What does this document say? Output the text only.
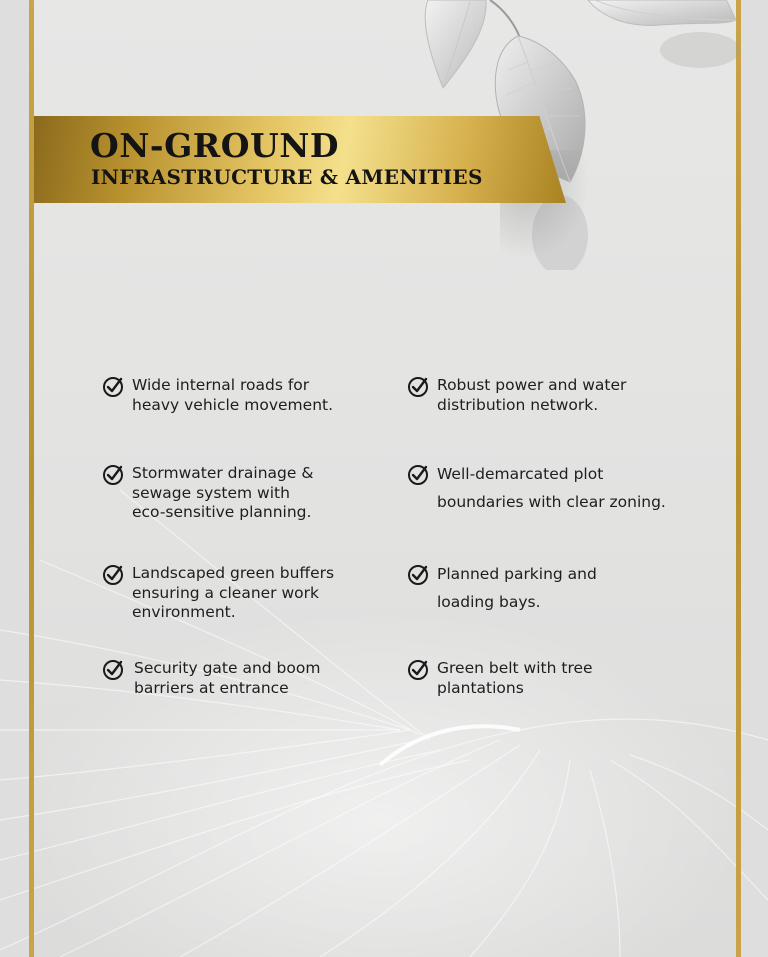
ON-GROUND
INFRASTRUCTURE & AMENITIES
Wide internal roads for
heavy vehicle movement.
Stormwater drainage &
sewage system with
eco-sensitive planning.
Landscaped green buffers
ensuring a cleaner work
environment.
Security gate and boom
barriers at entrance
Robust power and water
distribution network.
Well-demarcated plot
boundaries with clear zoning.
Planned parking and
loading bays.
Green belt with tree
plantations
